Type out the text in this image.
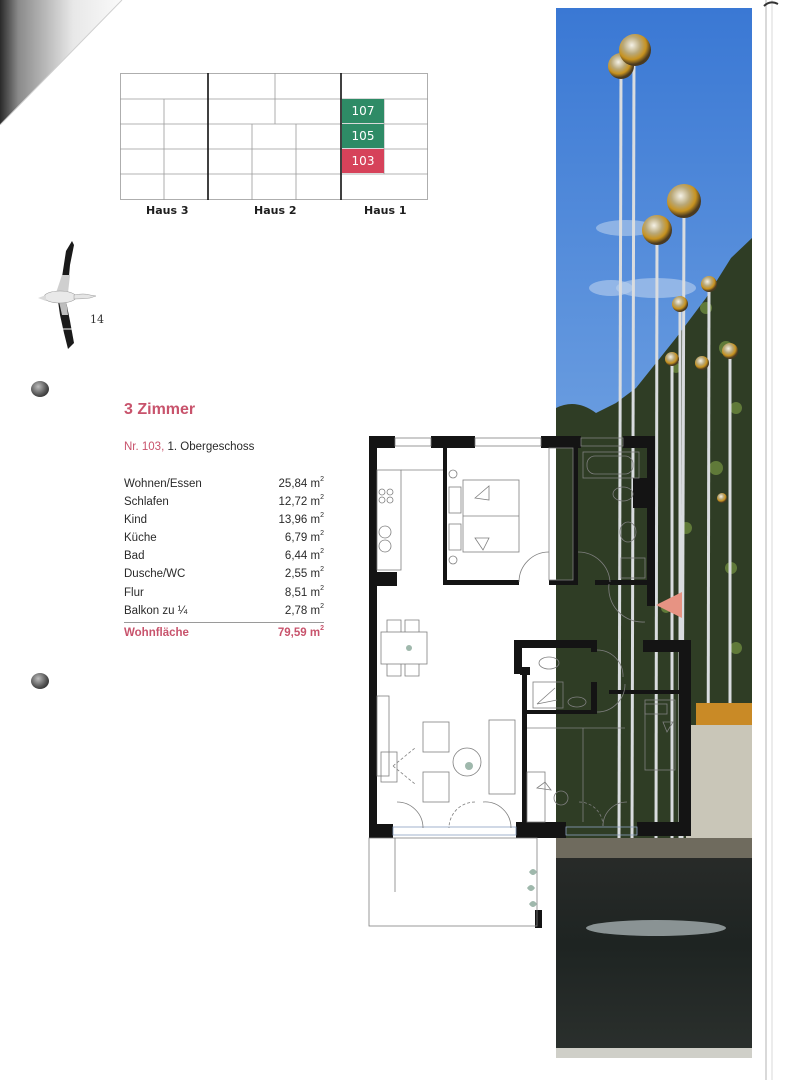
107
105
103
Haus 3	Haus 2	Haus 1
14
3 Zimmer
Nr. 103, 1. Obergeschoss
Wohnen/Essen	25,84 $m^2$
Schlafen	12,72 $m^2$
Kind	13,96 $m^2$
Küche	6,79 $m^2$
Bad	6,44 $m^2$
Dusche/WC	2,55 $m^2$
Flur	8,51 $m^2$
Balkon zu ¼	2,78 $m^2$
Wohnfläche	79,59 $m^2$
